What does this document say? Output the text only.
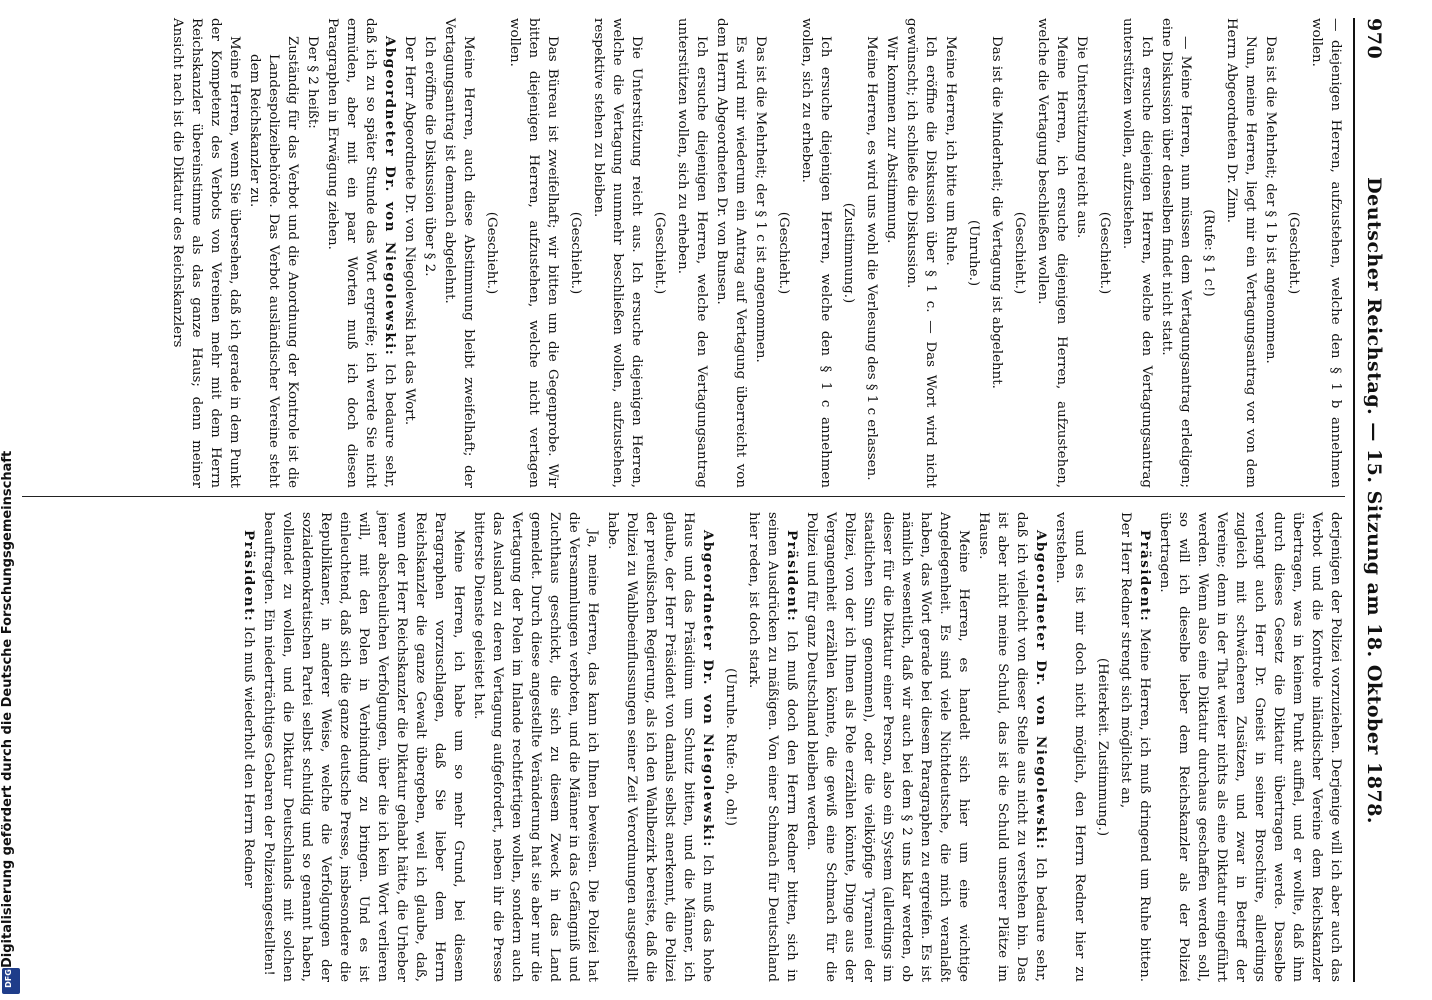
970
Deutscher Reichstag. — 15. Sitzung am 18. Oktober 1878.

— diejenigen Herren, aufzustehen, welche den § 1 b annehmen wollen.

(Geschieht.)

Das ist die Mehrheit; der § 1 b ist angenommen.

Nun, meine Herren, liegt mir ein Vertagungsantrag vor von dem Herrn Abgeordneten Dr. Zinn.

(Rufe: § 1 c!)

— Meine Herren, nun müssen dem Vertagungsantrag erledigen; eine Diskussion über denselben findet nicht statt.

Ich ersuche diejenigen Herren, welche den Vertagungsantrag unterstützen wollen, aufzustehen.

(Geschieht.)

Die Unterstützung reicht aus.

Meine Herren, ich ersuche diejenigen Herren, aufzustehen, welche die Vertagung beschließen wollen.

(Geschieht.)

Das ist die Minderheit; die Vertagung ist abgelehnt.

(Unruhe.)

Meine Herren, ich bitte um Ruhe.

Ich eröffne die Diskussion über § 1 c. — Das Wort wird nicht gewünscht; ich schließe die Diskussion.

Wir kommen zur Abstimmung.

Meine Herren, es wird uns wohl die Verlesung des § 1 c erlassen.

(Zustimmung.)

Ich ersuche diejenigen Herren, welche den § 1 c annehmen wollen, sich zu erheben.

(Geschieht.)

Das ist die Mehrheit; der § 1 c ist angenommen.

Es wird mir wiederum ein Antrag auf Vertagung überreicht von dem Herrn Abgeordneten Dr. von Bunsen.

Ich ersuche diejenigen Herren, welche den Vertagungsantrag unterstützen wollen, sich zu erheben.

(Geschieht.)

Die Unterstützung reicht aus. Ich ersuche diejenigen Herren, welche die Vertagung nunmehr beschließen wollen, aufzustehen, respektive stehen zu bleiben.

(Geschieht.)

Das Büreau ist zweifelhaft; wir bitten um die Gegenprobe. Wir bitten diejenigen Herren, aufzustehen, welche nicht vertagen wollen.

(Geschieht.)

Meine Herren, auch diese Abstimmung bleibt zweifelhaft; der Vertagungsantrag ist demnach abgelehnt.

Ich eröffne die Diskussion über § 2.

Der Herr Abgeordnete Dr. von Niegolewski hat das Wort.

Abgeordneter Dr. von Niegolewski: Ich bedaure sehr, daß ich zu so später Stunde das Wort ergreife; ich werde Sie nicht ermüden, aber mit ein paar Worten muß ich doch diesen Paragraphen in Erwägung ziehen.

Der § 2 heißt:

Zuständig für das Verbot und die Anordnung der Kontrole ist die Landespolizeibehörde. Das Verbot ausländischer Vereine steht dem Reichskanzler zu.

Meine Herren, wenn Sie übersehen, daß ich gerade in dem Punkt der Kompetenz des Verbots von Vereinen mehr mit dem Herrn Reichskanzler übereinstimme als das ganze Haus; denn meiner Ansicht nach ist die Diktatur des Reichskanzlers

derjenigen der Polizei vorzuziehen. Derjenige will ich aber auch das Verbot und die Kontrole inländischer Vereine dem Reichskanzler übertragen, was in keinem Punkt auffiel, und er wollte, daß ihm durch dieses Gesetz die Diktatur übertragen werde. Dasselbe verlangt auch Herr Dr. Gneist in seiner Broschüre, allerdings zugleich mit schwächeren Zusätzen, und zwar in Betreff der Vereine; denn in der That weiter nichts als eine Diktatur eingeführt werden. Wenn also eine Diktatur durchaus geschaffen werden soll, so will ich dieselbe lieber dem Reichskanzler als der Polizei übertragen.

Präsident: Meine Herren, ich muß dringend um Ruhe bitten. Der Herr Redner strengt sich möglichst an,

(Heiterkeit. Zustimmung.)

und es ist mir doch nicht möglich, den Herrn Redner hier zu verstehen.

Abgeordneter Dr. von Niegolewski: Ich bedaure sehr, daß ich vielleicht von dieser Stelle aus nicht zu verstehen bin. Das ist aber nicht meine Schuld, das ist die Schuld unserer Plätze im Hause.

Meine Herren, es handelt sich hier um eine wichtige Angelegenheit. Es sind viele Nichtdeutsche, die mich veranlaßt haben, das Wort gerade bei diesem Paragraphen zu ergreifen. Es ist nämlich wesentlich, daß wir auch bei dem § 2 uns klar werden, ob dieser für die Diktatur einer Person, also ein System (allerdings im staatlichen Sinn genommen), oder die vielköpfige Tyrannei der Polizei, von der ich Ihnen als Pole erzählen könnte, Dinge aus der Vergangenheit erzählen könnte, die gewiß eine Schmach für die Polizei und für ganz Deutschland bleiben werden.

Präsident: Ich muß doch den Herrn Redner bitten, sich in seinen Ausdrücken zu mäßigen. Von einer Schmach für Deutschland hier reden, ist doch stark.

(Unruhe. Rufe: oh, oh!)

Abgeordneter Dr. von Niegolewski: Ich muß das hohe Haus und das Präsidium um Schutz bitten, und die Männer, ich glaube, der Herr Präsident von damals selbst anerkennt, die Polizei der preußischen Regierung, als ich den Wahlbezirk bereiste, daß die Polizei zu Wahlbeeinflussungen seiner Zeit Verordnungen ausgestellt habe.

Ja, meine Herren, das kann ich Ihnen beweisen. Die Polizei hat die Versammlungen verboten, und die Männer in das Gefängniß und Zuchthaus geschickt, die sich zu diesem Zweck in das Land gemeldet. Durch diese angestellte Veränderung hat sie aber nur die Vertagung der Polen im Inlande rechtfertigen wollen, sondern auch das Ausland zu deren Vertagung aufgefordert, neben ihr die Presse bitterste Dienste geleistet hat.

Meine Herren, ich habe um so mehr Grund, bei diesem Paragraphen vorzuschlagen, daß Sie lieber dem Herrn Reichskanzler die ganze Gewalt übergeben, weil ich glaube, daß, wenn der Herr Reichskanzler die Diktatur gehabt hätte, die Urheber jener abscheulichen Verfolgungen, über die ich kein Wort verlieren will, mit den Polen in Verbindung zu bringen. Und es ist einleuchtend, daß sich die ganze deutsche Presse, insbesondere die Republikaner, in anderer Weise, welche die Verfolgungen der sozialdemokratischen Partei selbst schuldig und so genannt haben, vollendet zu wollen, und die Diktatur Deutschlands mit solchen beauftragten. Ein niederträchtiges Gebaren der Polizeiangestellten!

Präsident: Ich muß wiederholt den Herrn Redner

Digitalisierung gefördert durch die Deutsche Forschungsgemeinschaft
DFG
